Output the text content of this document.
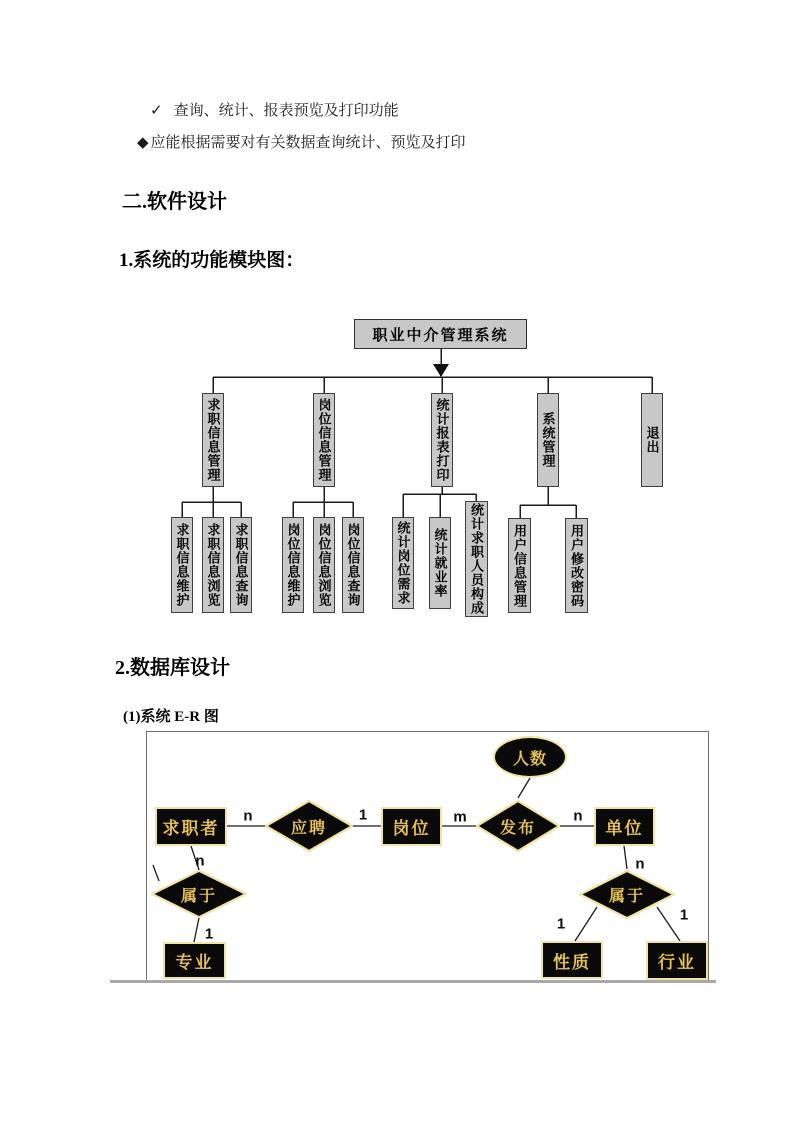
✓ 查询、统计、报表预览及打印功能
◆ 应能根据需要对有关数据查询统计、预览及打印
二.软件设计
1.系统的功能模块图：
2.数据库设计
(1)系统 E-R 图
职业中介管理系统
求职信息管理	岗位信息管理	统计报表打印	系统管理	退出
求职信息维护 求职信息浏览 求职信息查询	岗位信息维护 岗位信息浏览 岗位信息查询	统计岗位需求 统计就业率	统计求职人员构成	用户信息管理	用户修改密码
人数
求职者	应聘	岗位	发布	单位
属于
专业
属于
性质	行业
n	1	m	n
n
1
n
1
1
